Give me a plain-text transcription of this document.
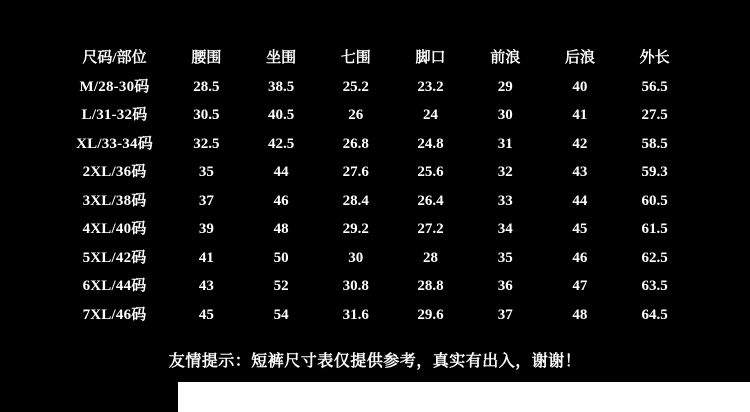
尺码/部位	腰围	坐围	七围	脚口	前浪	后浪	外长
M/28-30码	28.5	38.5	25.2	23.2	29	40	56.5
L/31-32码	30.5	40.5	26	24	30	41	27.5
XL/33-34码	32.5	42.5	26.8	24.8	31	42	58.5
2XL/36码	35	44	27.6	25.6	32	43	59.3
3XL/38码	37	46	28.4	26.4	33	44	60.5
4XL/40码	39	48	29.2	27.2	34	45	61.5
5XL/42码	41	50	30	28	35	46	62.5
6XL/44码	43	52	30.8	28.8	36	47	63.5
7XL/46码	45	54	31.6	29.6	37	48	64.5
友情提示：短裤尺寸表仅提供参考，真实有出入，谢谢！
